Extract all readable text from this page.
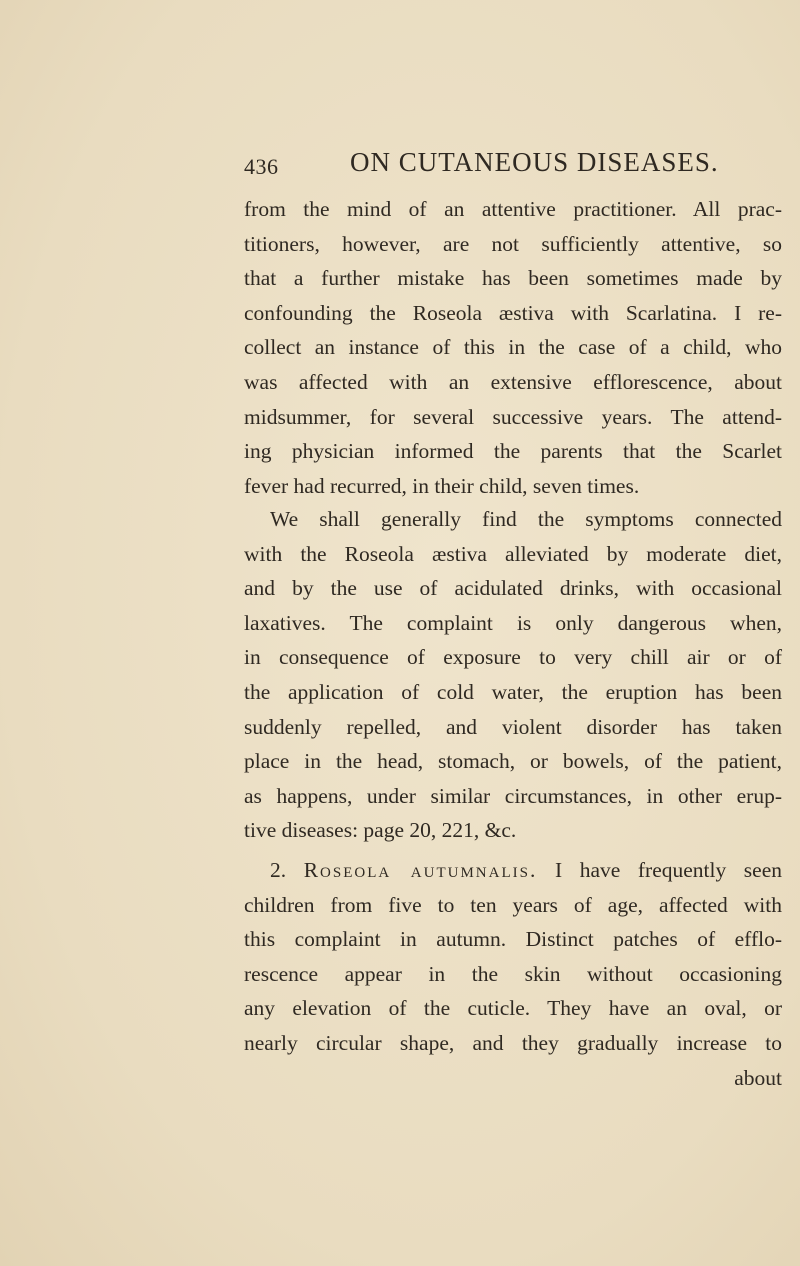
436	ON CUTANEOUS DISEASES.
from the mind of an attentive practitioner. All prac-
titioners, however, are not sufficiently attentive, so
that a further mistake has been sometimes made by
confounding the Roseola æstiva with Scarlatina. I re-
collect an instance of this in the case of a child, who
was affected with an extensive efflorescence, about
midsummer, for several successive years. The attend-
ing physician informed the parents that the Scarlet
fever had recurred, in their child, seven times.
We shall generally find the symptoms connected
with the Roseola æstiva alleviated by moderate diet,
and by the use of acidulated drinks, with occasional
laxatives. The complaint is only dangerous when,
in consequence of exposure to very chill air or of
the application of cold water, the eruption has been
suddenly repelled, and violent disorder has taken
place in the head, stomach, or bowels, of the patient,
as happens, under similar circumstances, in other erup-
tive diseases: page 20, 221, &c.
2. Roseola autumnalis. I have frequently seen
children from five to ten years of age, affected with
this complaint in autumn. Distinct patches of efflo-
rescence appear in the skin without occasioning
any elevation of the cuticle. They have an oval, or
nearly circular shape, and they gradually increase to
about
